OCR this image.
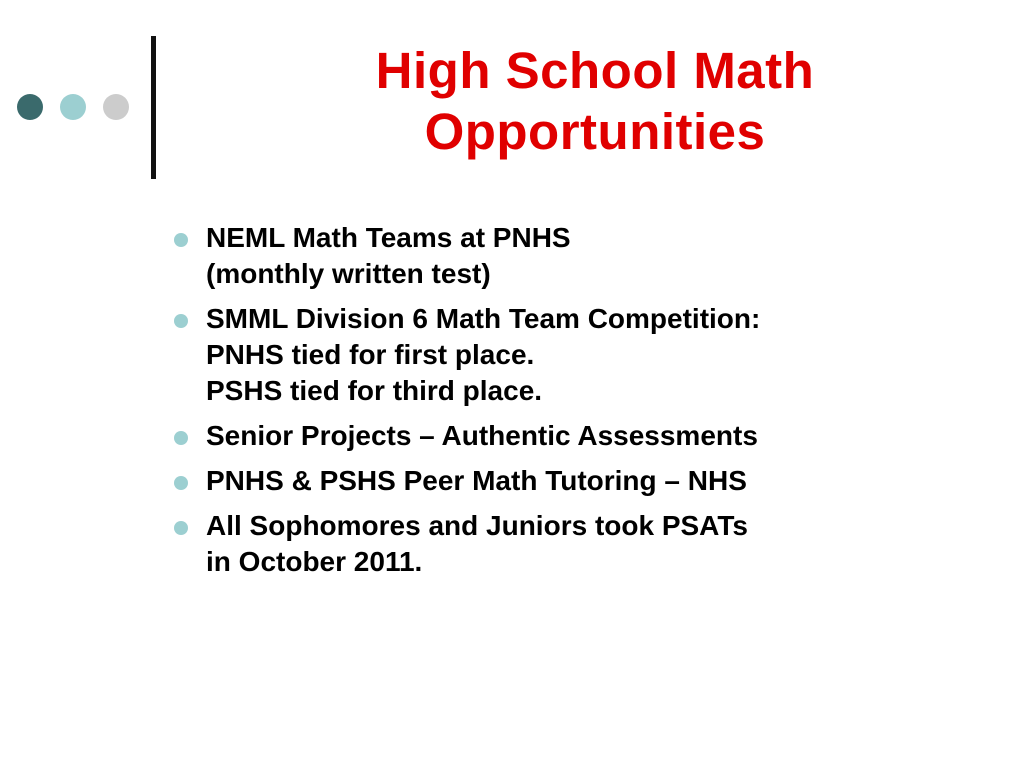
High School Math
Opportunities
NEML Math Teams at PNHS
(monthly written test)
SMML Division 6 Math Team Competition:
PNHS tied for first place.
PSHS tied for third place.
Senior Projects – Authentic Assessments
PNHS & PSHS Peer Math Tutoring – NHS
All Sophomores and Juniors took PSATs
in October 2011.
